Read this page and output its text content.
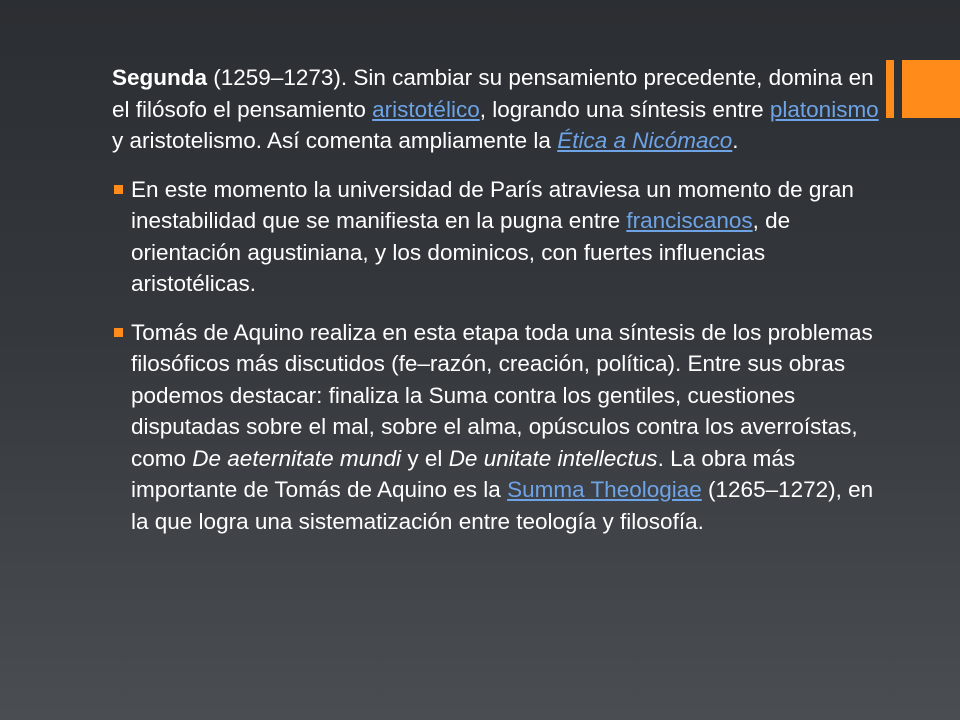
Segunda (1259–1273). Sin cambiar su pensamiento precedente, domina en el filósofo el pensamiento aristotélico, logrando una síntesis entre platonismo y aristotelismo. Así comenta ampliamente la Ética a Nicómaco.

En este momento la universidad de París atraviesa un momento de gran inestabilidad que se manifiesta en la pugna entre franciscanos, de orientación agustiniana, y los dominicos, con fuertes influencias aristotélicas.
Tomás de Aquino realiza en esta etapa toda una síntesis de los problemas filosóficos más discutidos (fe–razón, creación, política). Entre sus obras podemos destacar: finaliza la Suma contra los gentiles, cuestiones disputadas sobre el mal, sobre el alma, opúsculos contra los averroístas, como De aeternitate mundi y el De unitate intellectus. La obra más importante de Tomás de Aquino es la Summa Theologiae (1265–1272), en la que logra una sistematización entre teología y filosofía.
